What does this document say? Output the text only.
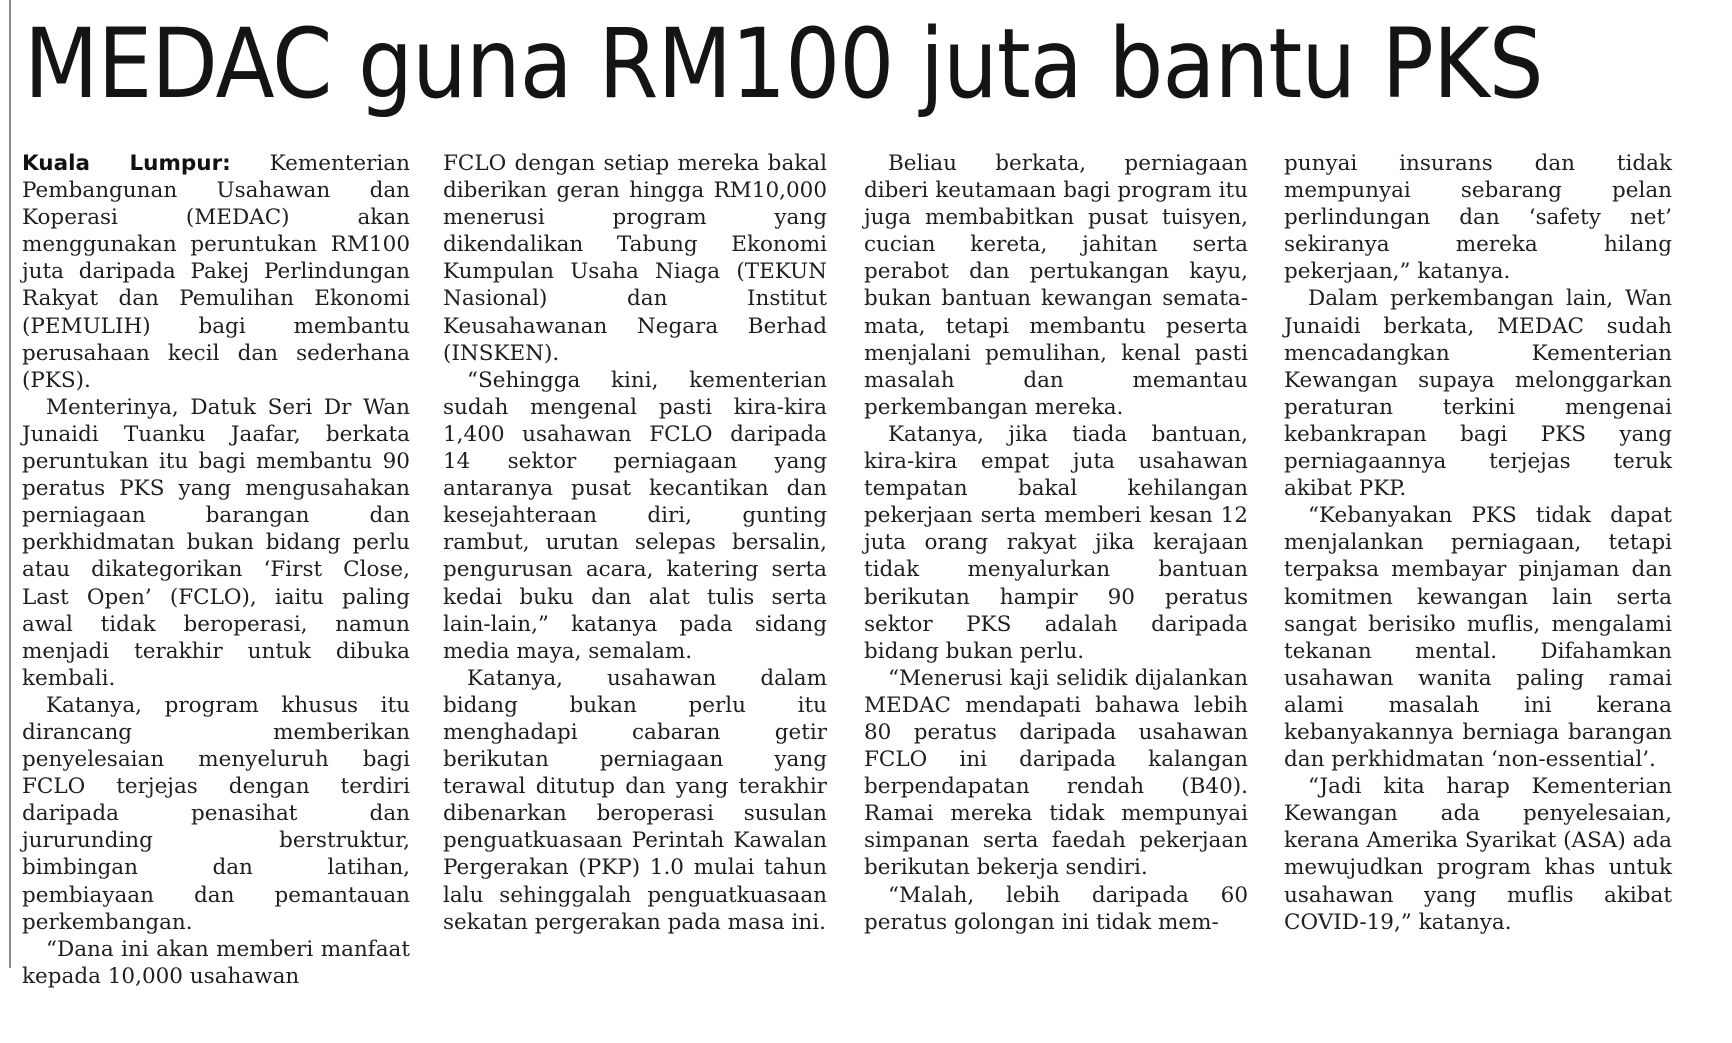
MEDAC guna RM100 juta bantu PKS

Kuala Lumpur: Kementerian Pembangunan Usahawan dan Koperasi (MEDAC) akan menggunakan peruntukan RM100 juta daripada Pakej Perlindungan Rakyat dan Pemulihan Ekonomi (PEMULIH) bagi membantu perusahaan kecil dan sederhana (PKS).

Menterinya, Datuk Seri Dr Wan Junaidi Tuanku Jaafar, berkata peruntukan itu bagi membantu 90 peratus PKS yang mengusahakan perniagaan barangan dan perkhidmatan bukan bidang perlu atau dikategorikan ‘First Close, Last Open’ (FCLO), iaitu paling awal tidak beroperasi, namun menjadi terakhir untuk dibuka kembali.

Katanya, program khusus itu dirancang memberikan penyelesaian menyeluruh bagi FCLO terjejas dengan terdiri daripada penasihat dan jururunding berstruktur, bimbingan dan latihan, pembiayaan dan pemantauan perkembangan.

“Dana ini akan memberi manfaat kepada 10,000 usahawan

FCLO dengan setiap mereka bakal diberikan geran hingga RM10,000 menerusi program yang dikendalikan Tabung Ekonomi Kumpulan Usaha Niaga (TEKUN Nasional) dan Institut Keusahawanan Negara Berhad (INSKEN).

“Sehingga kini, kementerian sudah mengenal pasti kira-kira 1,400 usahawan FCLO daripada 14 sektor perniagaan yang antaranya pusat kecantikan dan kesejahteraan diri, gunting rambut, urutan selepas bersalin, pengurusan acara, katering serta kedai buku dan alat tulis serta lain-lain,” katanya pada sidang media maya, semalam.

Katanya, usahawan dalam bidang bukan perlu itu menghadapi cabaran getir berikutan perniagaan yang terawal ditutup dan yang terakhir dibenarkan beroperasi susulan penguatkuasaan Perintah Kawalan Pergerakan (PKP) 1.0 mulai tahun lalu sehinggalah penguatkuasaan sekatan pergerakan pada masa ini.

Beliau berkata, perniagaan diberi keutamaan bagi program itu juga membabitkan pusat tuisyen, cucian kereta, jahitan serta perabot dan pertukangan kayu, bukan bantuan kewangan semata-mata, tetapi membantu peserta menjalani pemulihan, kenal pasti masalah dan memantau perkembangan mereka.

Katanya, jika tiada bantuan, kira-kira empat juta usahawan tempatan bakal kehilangan pekerjaan serta memberi kesan 12 juta orang rakyat jika kerajaan tidak menyalurkan bantuan berikutan hampir 90 peratus sektor PKS adalah daripada bidang bukan perlu.

“Menerusi kaji selidik dijalankan MEDAC mendapati bahawa lebih 80 peratus daripada usahawan FCLO ini daripada kalangan berpendapatan rendah (B40). Ramai mereka tidak mempunyai simpanan serta faedah pekerjaan berikutan bekerja sendiri.

“Malah, lebih daripada 60 peratus golongan ini tidak mem-

punyai insurans dan tidak mempunyai sebarang pelan perlindungan dan ‘safety net’ sekiranya mereka hilang pekerjaan,” katanya.

Dalam perkembangan lain, Wan Junaidi berkata, MEDAC sudah mencadangkan Kementerian Kewangan supaya melonggarkan peraturan terkini mengenai kebankrapan bagi PKS yang perniagaannya terjejas teruk akibat PKP.

“Kebanyakan PKS tidak dapat menjalankan perniagaan, tetapi terpaksa membayar pinjaman dan komitmen kewangan lain serta sangat berisiko muflis, mengalami tekanan mental. Difahamkan usahawan wanita paling ramai alami masalah ini kerana kebanyakannya berniaga barangan dan perkhidmatan ‘non-essential’.

“Jadi kita harap Kementerian Kewangan ada penyelesaian, kerana Amerika Syarikat (ASA) ada mewujudkan program khas untuk usahawan yang muflis akibat COVID-19,” katanya.
